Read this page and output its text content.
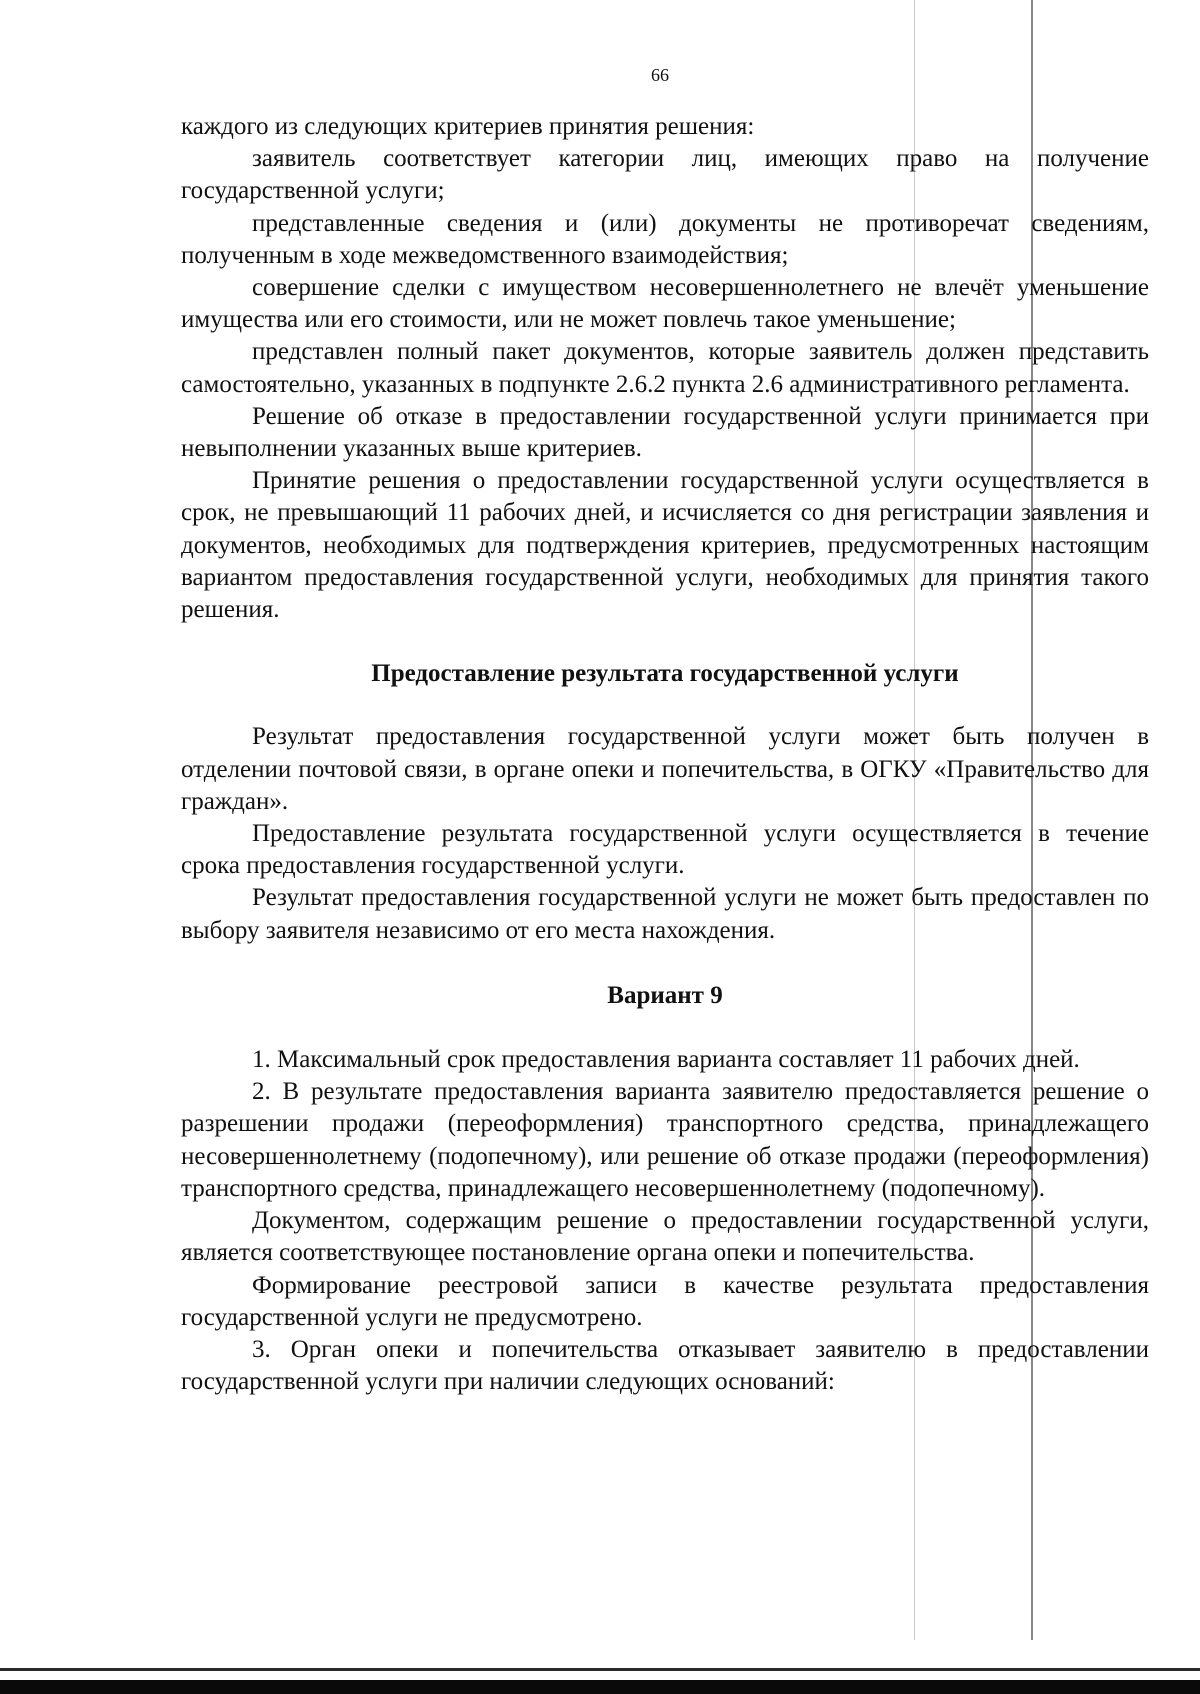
66

каждого из следующих критериев принятия решения:

заявитель соответствует категории лиц, имеющих право на получение государственной услуги;

представленные сведения и (или) документы не противоречат сведениям, полученным в ходе межведомственного взаимодействия;

совершение сделки с имуществом несовершеннолетнего не влечёт уменьшение имущества или его стоимости, или не может повлечь такое уменьшение;

представлен полный пакет документов, которые заявитель должен представить самостоятельно, указанных в подпункте 2.6.2 пункта 2.6 административного регламента.

Решение об отказе в предоставлении государственной услуги принимается при невыполнении указанных выше критериев.

Принятие решения о предоставлении государственной услуги осуществляется в срок, не превышающий 11 рабочих дней, и исчисляется со дня регистрации заявления и документов, необходимых для подтверждения критериев, предусмотренных настоящим вариантом предоставления государственной услуги, необходимых для принятия такого решения.

Предоставление результата государственной услуги

Результат предоставления государственной услуги может быть получен в отделении почтовой связи, в органе опеки и попечительства, в ОГКУ «Правительство для граждан».

Предоставление результата государственной услуги осуществляется в течение срока предоставления государственной услуги.

Результат предоставления государственной услуги не может быть предоставлен по выбору заявителя независимо от его места нахождения.

Вариант 9

1. Максимальный срок предоставления варианта составляет 11 рабочих дней.

2. В результате предоставления варианта заявителю предоставляется решение о разрешении продажи (переоформления) транспортного средства, принадлежащего несовершеннолетнему (подопечному), или решение об отказе продажи (переоформления) транспортного средства, принадлежащего несовершеннолетнему (подопечному).

Документом, содержащим решение о предоставлении государственной услуги, является соответствующее постановление органа опеки и попечительства.

Формирование реестровой записи в качестве результата предоставления государственной услуги не предусмотрено.

3. Орган опеки и попечительства отказывает заявителю в предоставлении государственной услуги при наличии следующих оснований:
